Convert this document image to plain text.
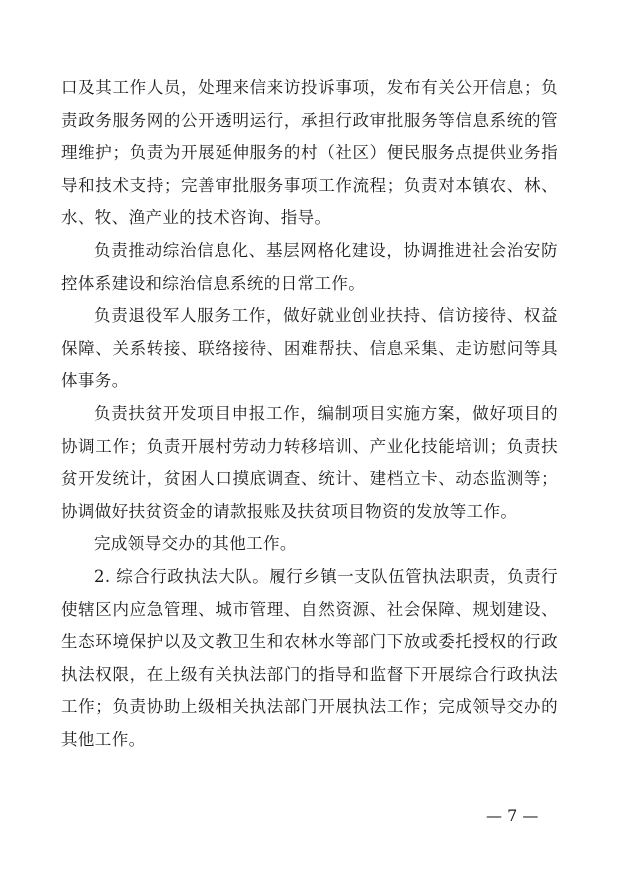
口及其工作人员，处理来信来访投诉事项，发布有关公开信息；负责政务服务网的公开透明运行，承担行政审批服务等信息系统的管理维护；负责为开展延伸服务的村（社区）便民服务点提供业务指导和技术支持；完善审批服务事项工作流程；负责对本镇农、林、水、牧、渔产业的技术咨询、指导。

负责推动综治信息化、基层网格化建设，协调推进社会治安防控体系建设和综治信息系统的日常工作。

负责退役军人服务工作，做好就业创业扶持、信访接待、权益保障、关系转接、联络接待、困难帮扶、信息采集、走访慰问等具体事务。

负责扶贫开发项目申报工作，编制项目实施方案，做好项目的协调工作；负责开展村劳动力转移培训、产业化技能培训；负责扶贫开发统计，贫困人口摸底调查、统计、建档立卡、动态监测等；协调做好扶贫资金的请款报账及扶贫项目物资的发放等工作。

完成领导交办的其他工作。

2. 综合行政执法大队。履行乡镇一支队伍管执法职责，负责行使辖区内应急管理、城市管理、自然资源、社会保障、规划建设、生态环境保护以及文教卫生和农林水等部门下放或委托授权的行政执法权限，在上级有关执法部门的指导和监督下开展综合行政执法工作；负责协助上级相关执法部门开展执法工作；完成领导交办的其他工作。

— 7 —
